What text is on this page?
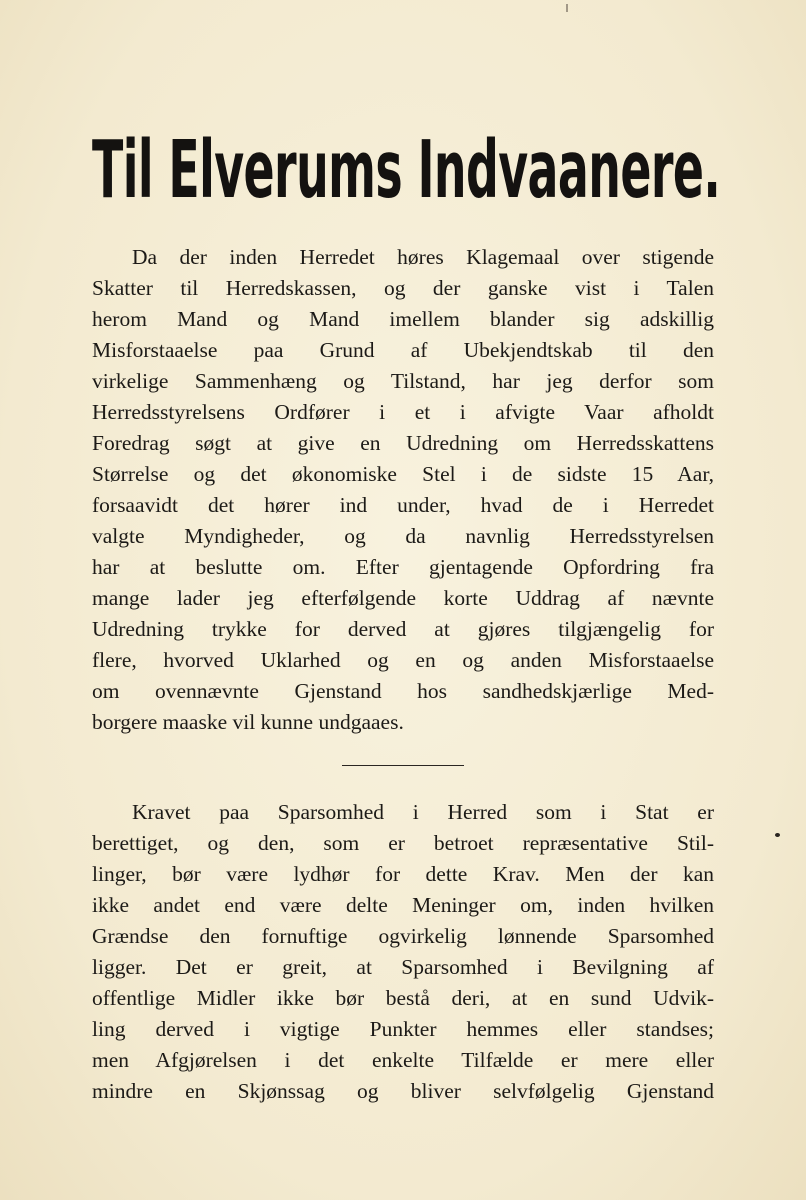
Til Elverums Indvaanere.
Da der inden Herredet høres Klagemaal over stigende
Skatter til Herredskassen, og der ganske vist i Talen
herom Mand og Mand imellem blander sig adskillig
Misforstaaelse paa Grund af Ubekjendtskab til den
virkelige Sammenhæng og Tilstand, har jeg derfor som
Herredsstyrelsens Ordfører i et i afvigte Vaar afholdt
Foredrag søgt at give en Udredning om Herredsskattens
Størrelse og det økonomiske Stel i de sidste 15 Aar,
forsaavidt det hører ind under, hvad de i Herredet
valgte Myndigheder, og da navnlig Herredsstyrelsen
har at beslutte om. Efter gjentagende Opfordring fra
mange lader jeg efterfølgende korte Uddrag af nævnte
Udredning trykke for derved at gjøres tilgjængelig for
flere, hvorved Uklarhed og en og anden Misforstaaelse
om ovennævnte Gjenstand hos sandhedskjærlige Med-
borgere maaske vil kunne undgaaes.
Kravet paa Sparsomhed i Herred som i Stat er
berettiget, og den, som er betroet repræsentative Stil-
linger, bør være lydhør for dette Krav. Men der kan
ikke andet end være delte Meninger om, inden hvilken
Grændse den fornuftige ogvirkelig lønnende Sparsomhed
ligger. Det er greit, at Sparsomhed i Bevilgning af
offentlige Midler ikke bør bestå deri, at en sund Udvik-
ling derved i vigtige Punkter hemmes eller standses;
men Afgjørelsen i det enkelte Tilfælde er mere eller
mindre en Skjønssag og bliver selvfølgelig Gjenstand
